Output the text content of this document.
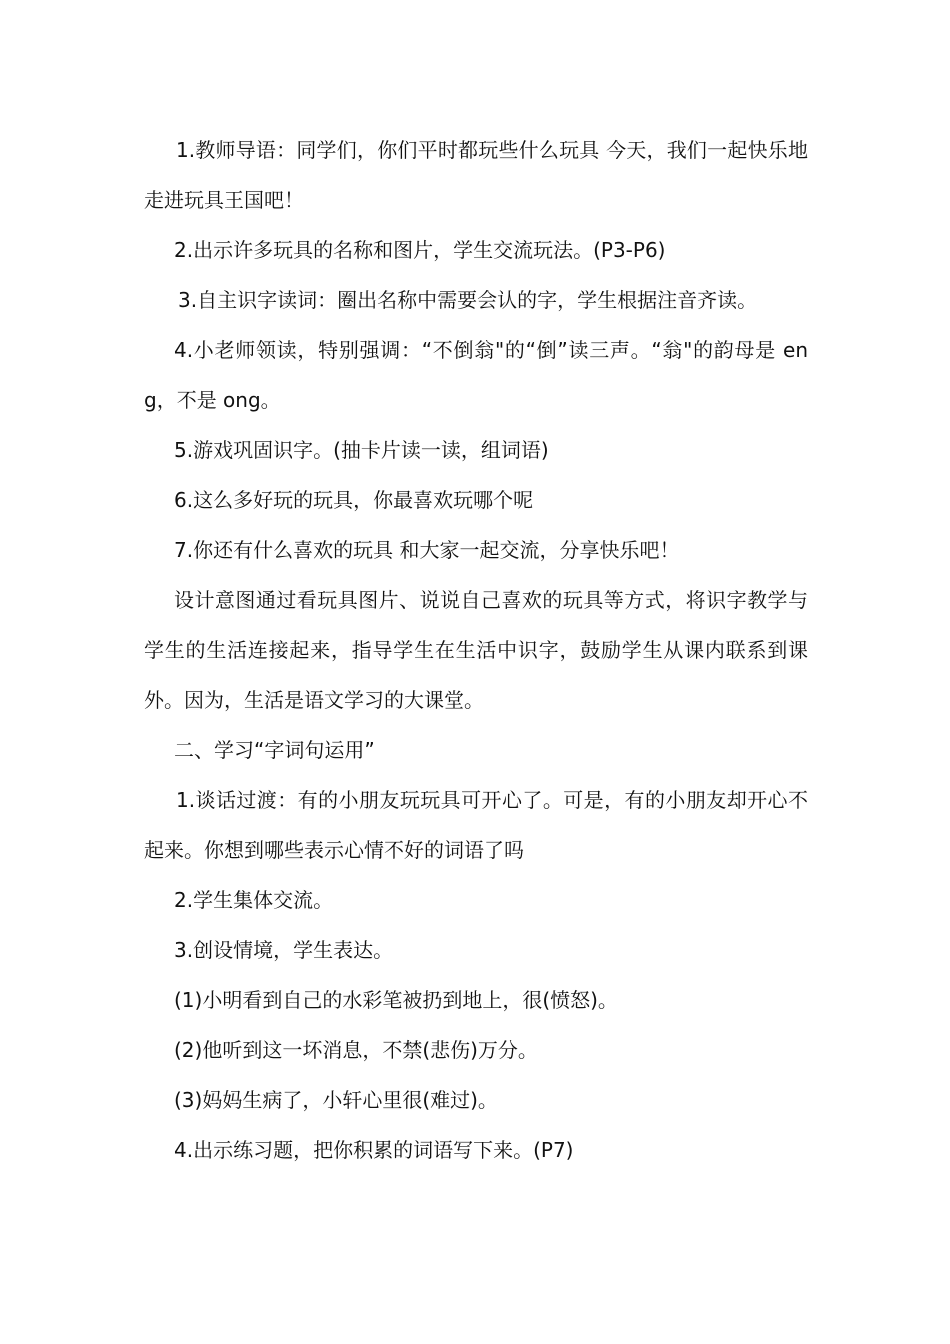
1.教师导语：同学们，你们平时都玩些什么玩具 今天，我们一起快乐地走进玩具王国吧！

2.出示许多玩具的名称和图片，学生交流玩法。(P3-P6)

3.自主识字读词：圈出名称中需要会认的字，学生根据注音齐读。

4.小老师领读，特别强调：“不倒翁"的“倒”读三声。“翁"的韵母是 eng，不是 ong。

5.游戏巩固识字。(抽卡片读一读，组词语)

6.这么多好玩的玩具，你最喜欢玩哪个呢

7.你还有什么喜欢的玩具 和大家一起交流，分享快乐吧！

设计意图通过看玩具图片、说说自己喜欢的玩具等方式，将识字教学与学生的生活连接起来，指导学生在生活中识字，鼓励学生从课内联系到课外。因为，生活是语文学习的大课堂。

二、学习“字词句运用”

1.谈话过渡：有的小朋友玩玩具可开心了。可是，有的小朋友却开心不起来。你想到哪些表示心情不好的词语了吗

2.学生集体交流。

3.创设情境，学生表达。

(1)小明看到自己的水彩笔被扔到地上，很(愤怒)。

(2)他听到这一坏消息，不禁(悲伤)万分。

(3)妈妈生病了，小轩心里很(难过)。

4.出示练习题，把你积累的词语写下来。(P7)
